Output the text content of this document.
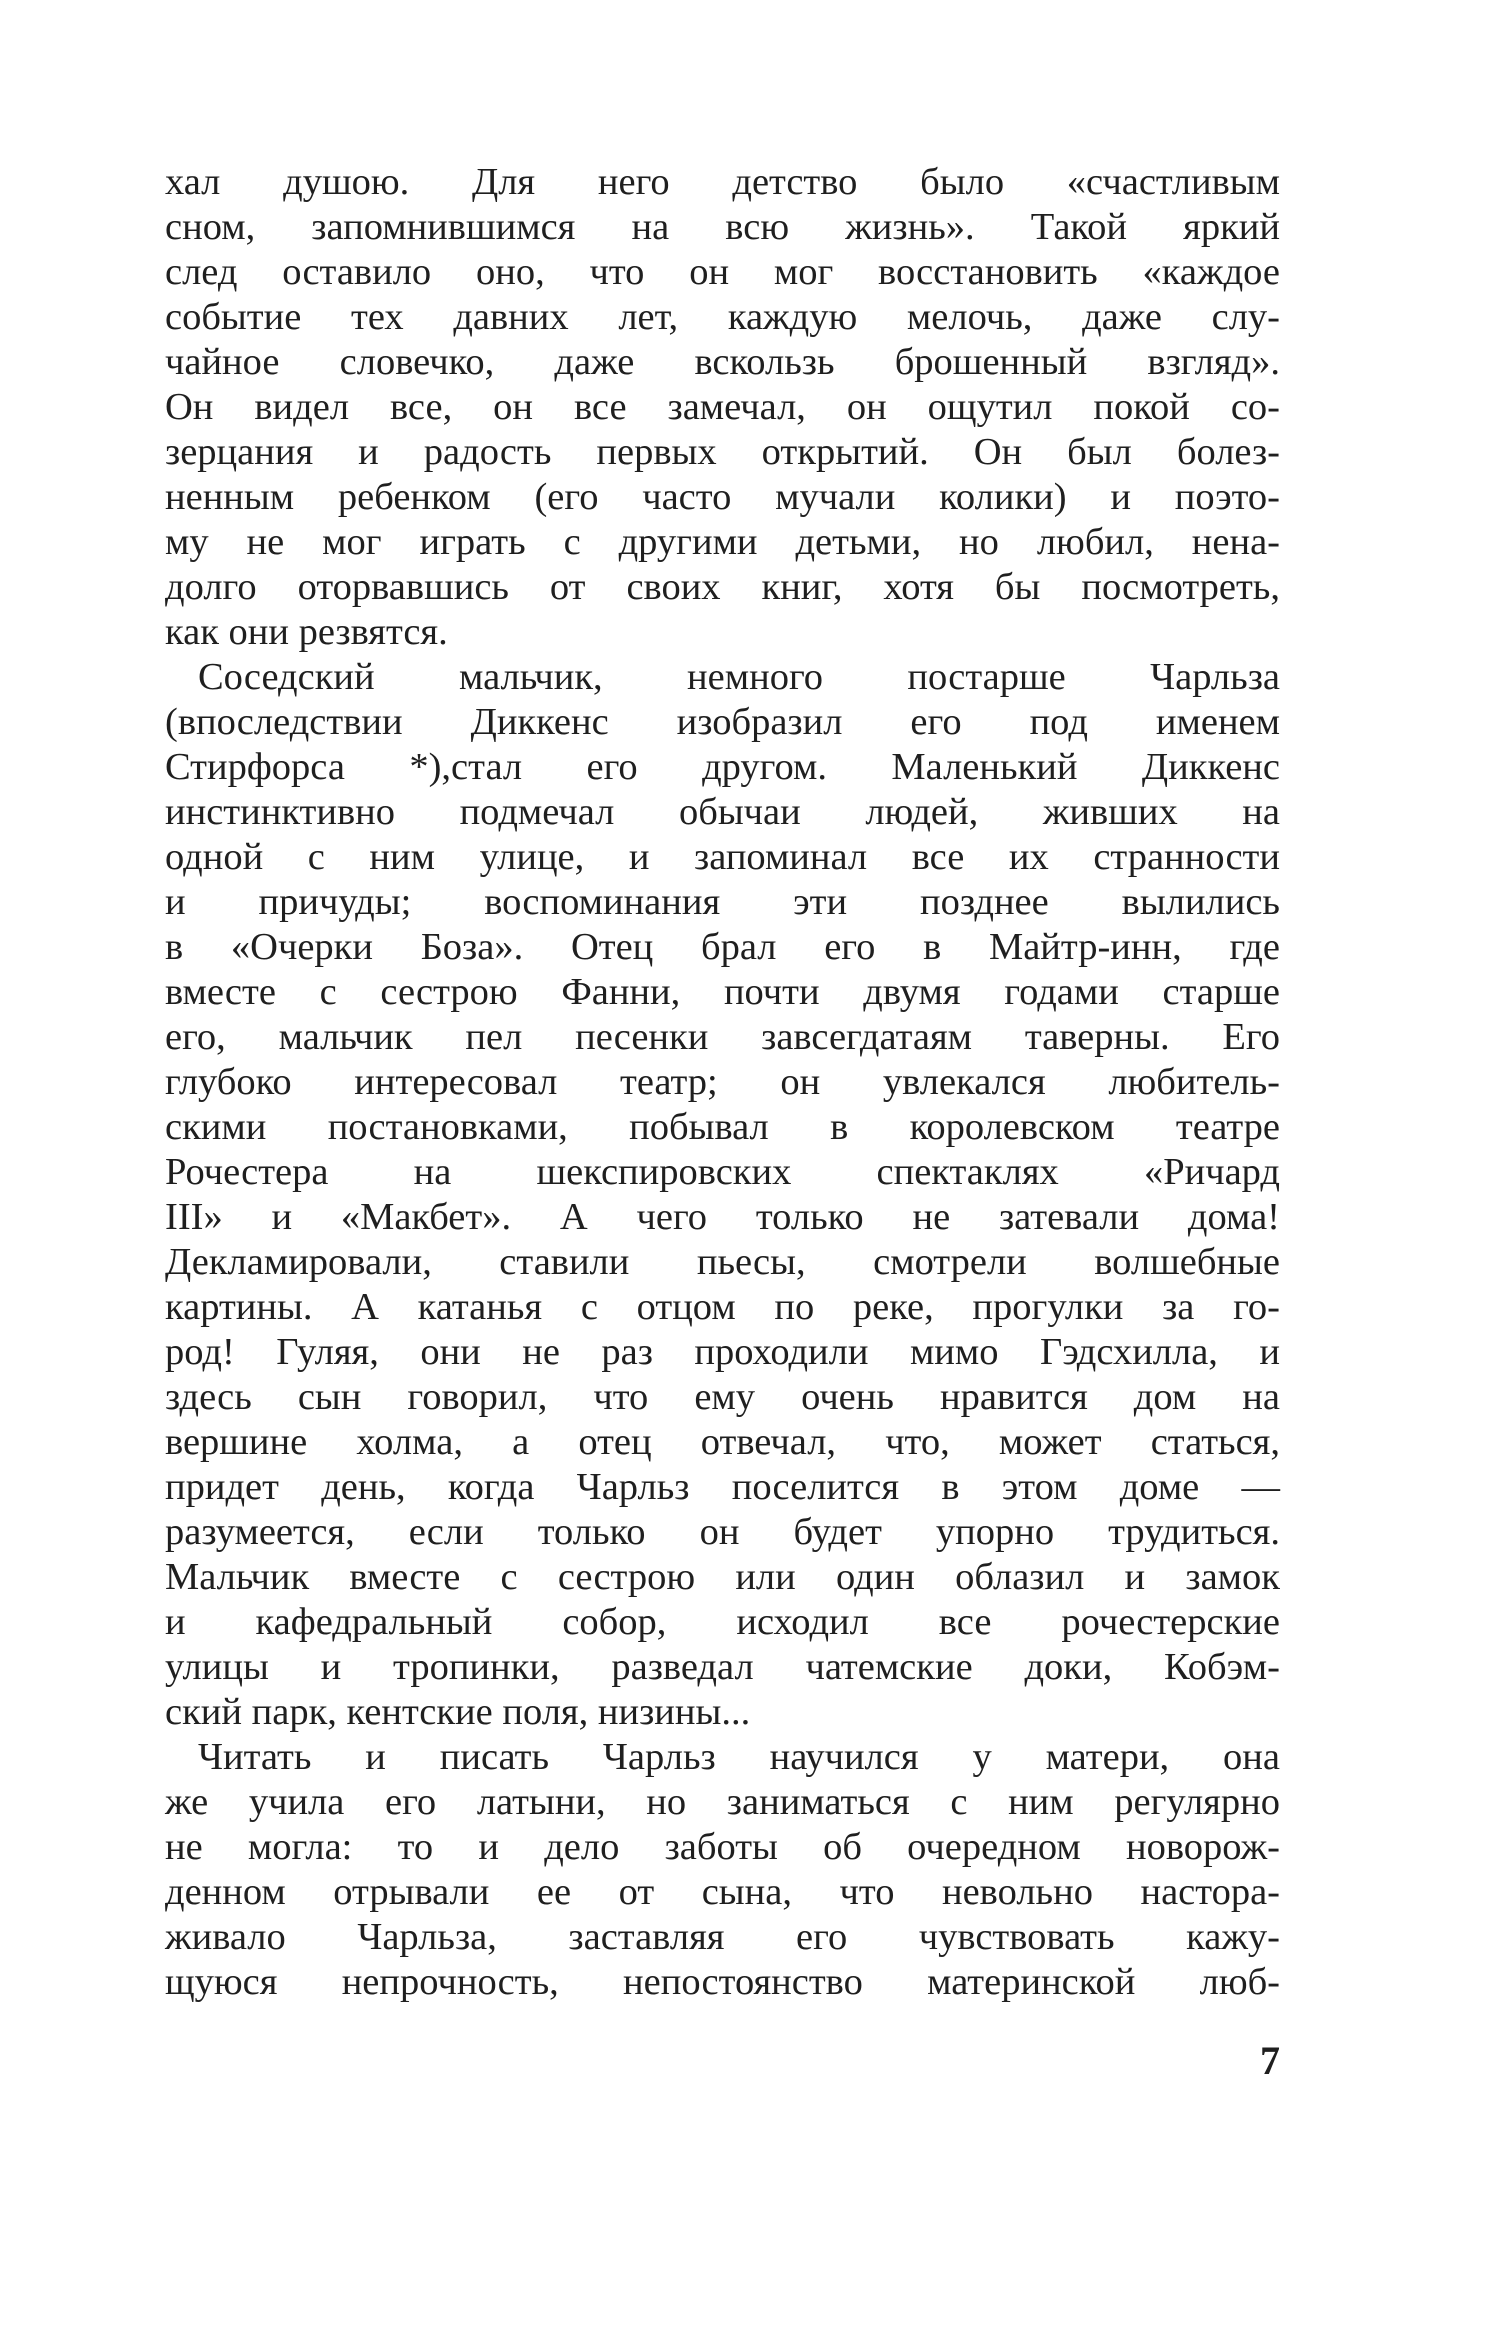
хал душою. Для него детство было «счастливым
сном, запомнившимся на всю жизнь». Такой яркий
след оставило оно, что он мог восстановить «каждое
событие тех давних лет, каждую мелочь, даже слу-
чайное словечко, даже вскользь брошенный взгляд».
Он видел все, он все замечал, он ощутил покой со-
зерцания и радость первых открытий. Он был болез-
ненным ребенком (его часто мучали колики) и поэто-
му не мог играть с другими детьми, но любил, нена-
долго оторвавшись от своих книг, хотя бы посмотреть,
как они резвятся.
Соседский мальчик, немного постарше Чарльза
(впоследствии Диккенс изобразил его под именем
Стирфорса *),стал его другом. Маленький Диккенс
инстинктивно подмечал обычаи людей, живших на
одной с ним улице, и запоминал все их странности
и причуды; воспоминания эти позднее вылились
в «Очерки Боза». Отец брал его в Майтр-инн, где
вместе с сестрою Фанни, почти двумя годами старше
его, мальчик пел песенки завсегдатаям таверны. Его
глубоко интересовал театр; он увлекался любитель-
скими постановками, побывал в королевском театре
Рочестера на шекспировских спектаклях «Ричард
III» и «Макбет». А чего только не затевали дома!
Декламировали, ставили пьесы, смотрели волшебные
картины. А катанья с отцом по реке, прогулки за го-
род! Гуляя, они не раз проходили мимо Гэдсхилла, и
здесь сын говорил, что ему очень нравится дом на
вершине холма, а отец отвечал, что, может статься,
придет день, когда Чарльз поселится в этом доме —
разумеется, если только он будет упорно трудиться.
Мальчик вместе с сестрою или один облазил и замок
и кафедральный собор, исходил все рочестерские
улицы и тропинки, разведал чатемские доки, Кобэм-
ский парк, кентские поля, низины...
Читать и писать Чарльз научился у матери, она
же учила его латыни, но заниматься с ним регулярно
не могла: то и дело заботы об очередном новорож-
денном отрывали ее от сына, что невольно настора-
живало Чарльза, заставляя его чувствовать кажу-
щуюся непрочность, непостоянство материнской люб-
7
